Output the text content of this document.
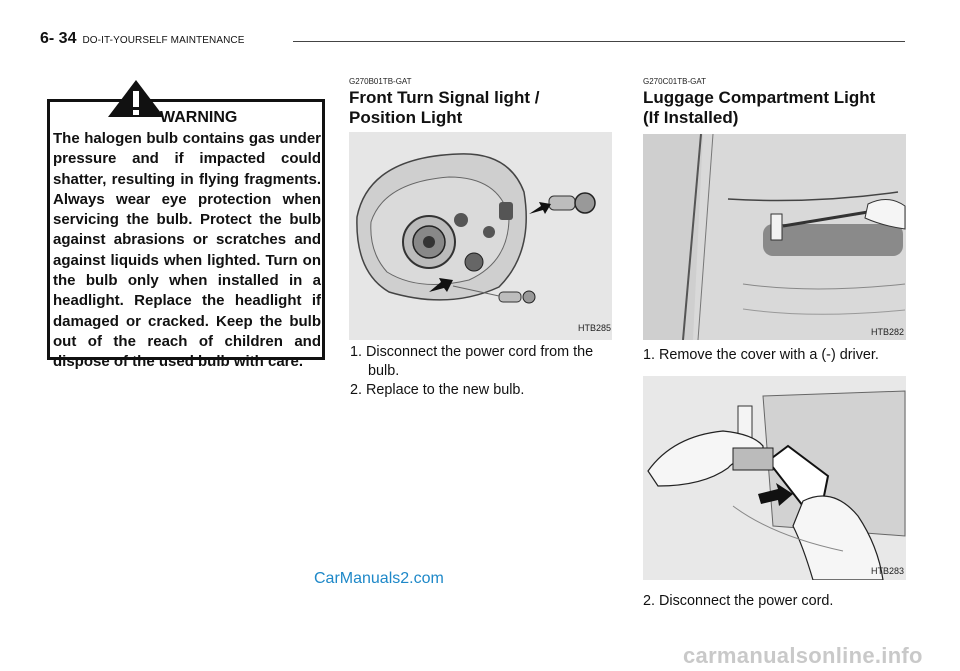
6- 34 DO-IT-YOURSELF MAINTENANCE
WARNING

The halogen bulb contains gas under pressure and if impacted could shatter, resulting in flying fragments. Always wear eye protection when servicing the bulb. Protect the bulb against abrasions or scratches and against liquids when lighted. Turn on the bulb only when installed in a headlight. Replace the headlight if damaged or cracked. Keep the bulb out of the reach of children and dispose of the used bulb with care.

G270B01TB-GAT
Front Turn Signal light /
Position Light
HTB285
1. Disconnect the power cord from the bulb.
2. Replace to the new bulb.
G270C01TB-GAT
Luggage Compartment Light
(If Installed)
HTB282

1. Remove the cover with a (-) driver.

HTB283

2. Disconnect the power cord.

CarManuals2.com
carmanualsonline.info
